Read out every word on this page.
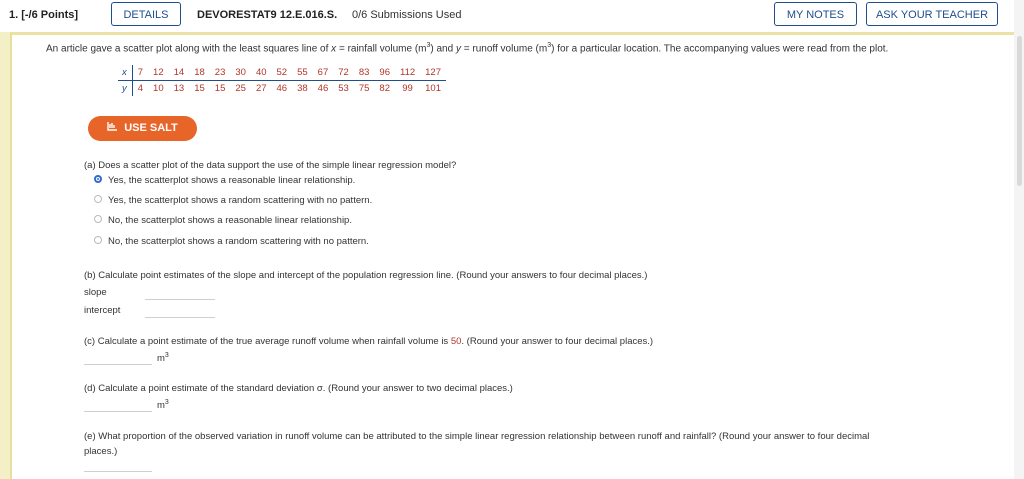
1. [-/6 Points]	DETAILS	DEVORESTAT9 12.E.016.S. 0/6 Submissions Used	MY NOTES	ASK YOUR TEACHER
An article gave a scatter plot along with the least squares line of x = rainfall volume $(m^3)$ and y = runoff volume $(m^3)$ for a particular location. The accompanying values were read from the plot.
x	7	12	14	18	23	30	40	52	55	67	72	83	96	112	127
y	4	10	13	15	15	25	27	46	38	46	53	75	82	99	101
USE SALT
(a) Does a scatter plot of the data support the use of the simple linear regression model?
Yes, the scatterplot shows a reasonable linear relationship.
Yes, the scatterplot shows a random scattering with no pattern.
No, the scatterplot shows a reasonable linear relationship.
No, the scatterplot shows a random scattering with no pattern.
(b) Calculate point estimates of the slope and intercept of the population regression line. (Round your answers to four decimal places.)
slope
intercept
(c) Calculate a point estimate of the true average runoff volume when rainfall volume is 50. (Round your answer to four decimal places.)
$m^3$
(d) Calculate a point estimate of the standard deviation σ. (Round your answer to two decimal places.)
$m^3$
(e) What proportion of the observed variation in runoff volume can be attributed to the simple linear regression relationship between runoff and rainfall? (Round your answer to four decimal
places.)
